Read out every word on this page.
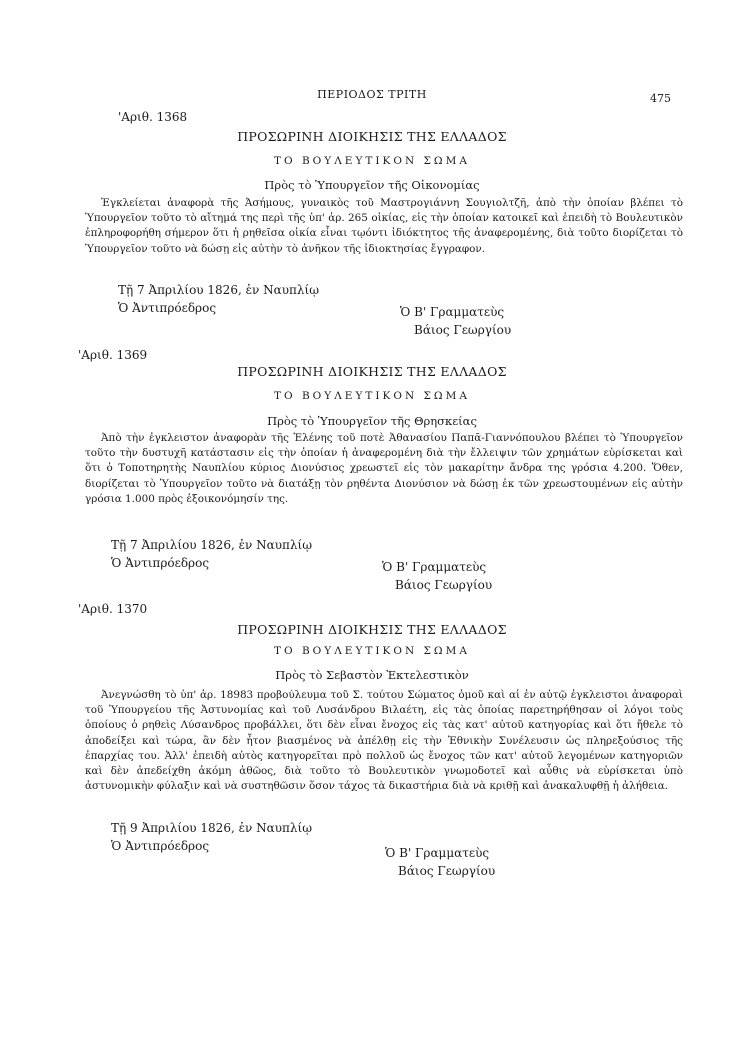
ΠΕΡΙΟΔΟΣ ΤΡΙΤΗ	475
'Αριθ. 1368
ΠΡΟΣΩΡΙΝΗ ΔΙΟΙΚΗΣΙΣ ΤΗΣ ΕΛΛΑΔΟΣ
ΤΟ ΒΟΥΛΕΥΤΙΚΟΝ ΣΩΜΑ
Πρὸς τὸ Ὑπουργεῖον τῆς Οἰκονομίας
Ἐγκλείεται ἀναφορὰ τῆς Ἀσήμους, γυναικὸς τοῦ Μαστρογιάννη Σουγιολτζῆ, ἀπὸ τὴν ὁποίαν βλέπει τὸ Ὑπουργεῖον τοῦτο τὸ αἴτημά της περὶ τῆς ὑπ' ἀρ. 265 οἰκίας, εἰς τὴν ὁποίαν κατοικεῖ καὶ ἐπειδὴ τὸ Βουλευτικὸν ἐπληροφορήθη σήμερον ὅτι ἡ ρηθεῖσα οἰκία εἶναι τῳόντι ἰδιόκτητος τῆς ἀναφερομένης, διὰ τοῦτο διορίζεται τὸ Ὑπουργεῖον τοῦτο νὰ δώσῃ εἰς αὐτὴν τὸ ἀνῆκον τῆς ἰδιοκτησίας ἔγγραφον.
Τῇ 7 Ἀπριλίου 1826, ἐν Ναυπλίῳ
Ὁ Ἀντιπρόεδρος	Ὁ Β' Γραμματεὺς
Βάιος Γεωργίου
'Αριθ. 1369
ΠΡΟΣΩΡΙΝΗ ΔΙΟΙΚΗΣΙΣ ΤΗΣ ΕΛΛΑΔΟΣ
ΤΟ ΒΟΥΛΕΥΤΙΚΟΝ ΣΩΜΑ
Πρὸς τὸ Ὑπουργεῖον τῆς Θρησκείας
Ἀπὸ τὴν ἐγκλειστον ἀναφορὰν τῆς Ἑλένης τοῦ ποτὲ Ἀθανασίου Παπᾶ-Γιαννόπουλου βλέπει τὸ Ὑπουργεῖον τοῦτο τὴν δυστυχῆ κατάστασιν εἰς τὴν ὁποίαν ἡ ἀναφερομένη διὰ τὴν ἔλλειψιν τῶν χρημάτων εὑρίσκεται καὶ ὅτι ὁ Τοποτηρητὴς Ναυπλίου κύριος Διονύσιος χρεωστεῖ εἰς τὸν μακαρίτην ἄνδρα της γρόσια 4.200. Ὅθεν, διορίζεται τὸ Ὑπουργεῖον τοῦτο νὰ διατάξῃ τὸν ρηθέντα Διονύσιον νὰ δώσῃ ἐκ τῶν χρεωστουμένων εἰς αὐτὴν γρόσια 1.000 πρὸς ἐξοικονόμησίν της.
Τῇ 7 Ἀπριλίου 1826, ἐν Ναυπλίῳ
Ὁ Ἀντιπρόεδρος	Ὁ Β' Γραμματεὺς
Βάιος Γεωργίου
'Αριθ. 1370
ΠΡΟΣΩΡΙΝΗ ΔΙΟΙΚΗΣΙΣ ΤΗΣ ΕΛΛΑΔΟΣ
ΤΟ ΒΟΥΛΕΥΤΙΚΟΝ ΣΩΜΑ
Πρὸς τὸ Σεβαστὸν Ἐκτελεστικὸν
Ἀνεγνώσθη τὸ ὑπ' ἀρ. 18983 προβούλευμα τοῦ Σ. τούτου Σώματος ὁμοῦ καὶ αἱ ἐν αὐτῷ ἐγκλειστοι ἀναφοραὶ τοῦ Ὑπουργείου τῆς Ἀστυνομίας καὶ τοῦ Λυσάνδρου Βιλαέτη, εἰς τὰς ὁποίας παρετηρήθησαν οἱ λόγοι τοὺς ὁποίους ὁ ρηθεὶς Λύσανδρος προβάλλει, ὅτι δὲν εἶναι ἔνοχος εἰς τὰς κατ' αὐτοῦ κατηγορίας καὶ ὅτι ἤθελε τὸ ἀποδείξει καὶ τώρα, ἂν δὲν ἦτον βιασμένος νὰ ἀπέλθῃ εἰς τὴν Ἐθνικὴν Συνέλευσιν ὡς πληρεξούσιος τῆς ἐπαρχίας του. Ἀλλ' ἐπειδὴ αὐτὸς κατηγορεῖται πρὸ πολλοῦ ὡς ἔνοχος τῶν κατ' αὐτοῦ λεγομένων κατηγοριῶν καὶ δὲν ἀπεδείχθη ἀκόμη ἀθῶος, διὰ τοῦτο τὸ Βουλευτικὸν γνωμοδοτεῖ καὶ αὖθις νὰ εὑρίσκεται ὑπὸ ἀστυνομικὴν φύλαξιν καὶ νὰ συστηθῶσιν ὅσον τάχος τὰ δικαστήρια διὰ νὰ κριθῇ καὶ ἀνακαλυφθῇ ἡ ἀλήθεια.
Τῇ 9 Ἀπριλίου 1826, ἐν Ναυπλίῳ
Ὁ Ἀντιπρόεδρος	Ὁ Β' Γραμματεὺς
Βάιος Γεωργίου
